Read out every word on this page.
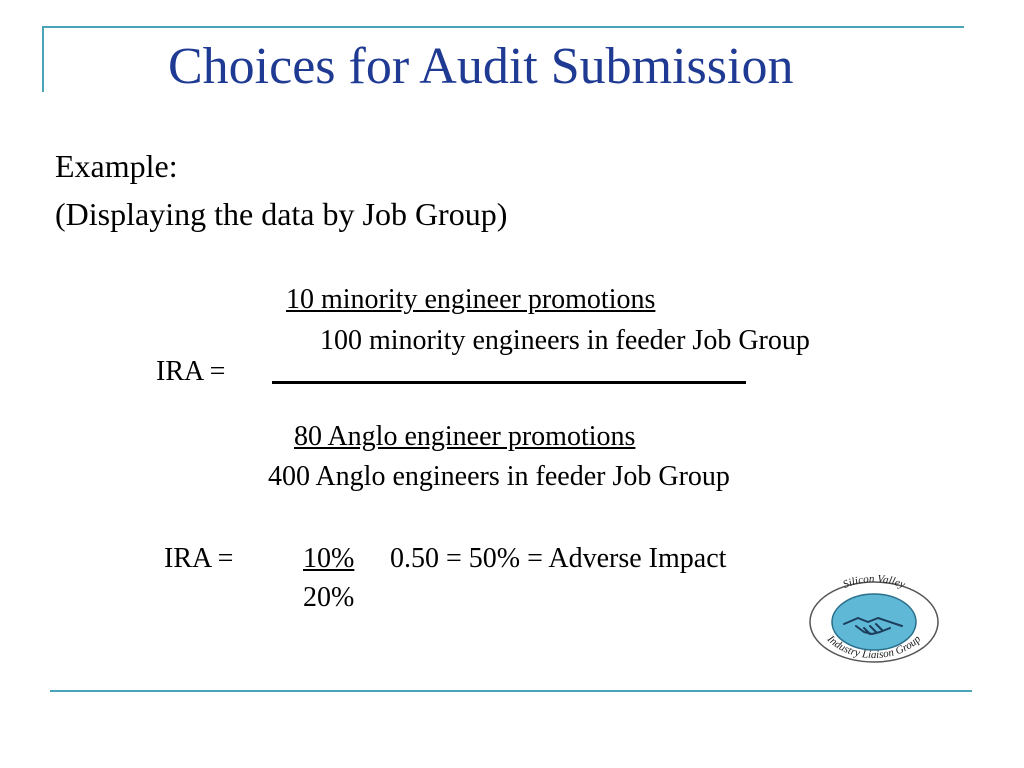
Choices for Audit Submission
Example:
(Displaying the data by Job Group)
10 minority engineer promotions
100 minority engineers in feeder Job Group
IRA =
80 Anglo engineer promotions
400 Anglo engineers in feeder Job Group
IRA = 10% 0.50 = 50% = Adverse Impact
20%	Silicon Valley
Industry Liaison Group
